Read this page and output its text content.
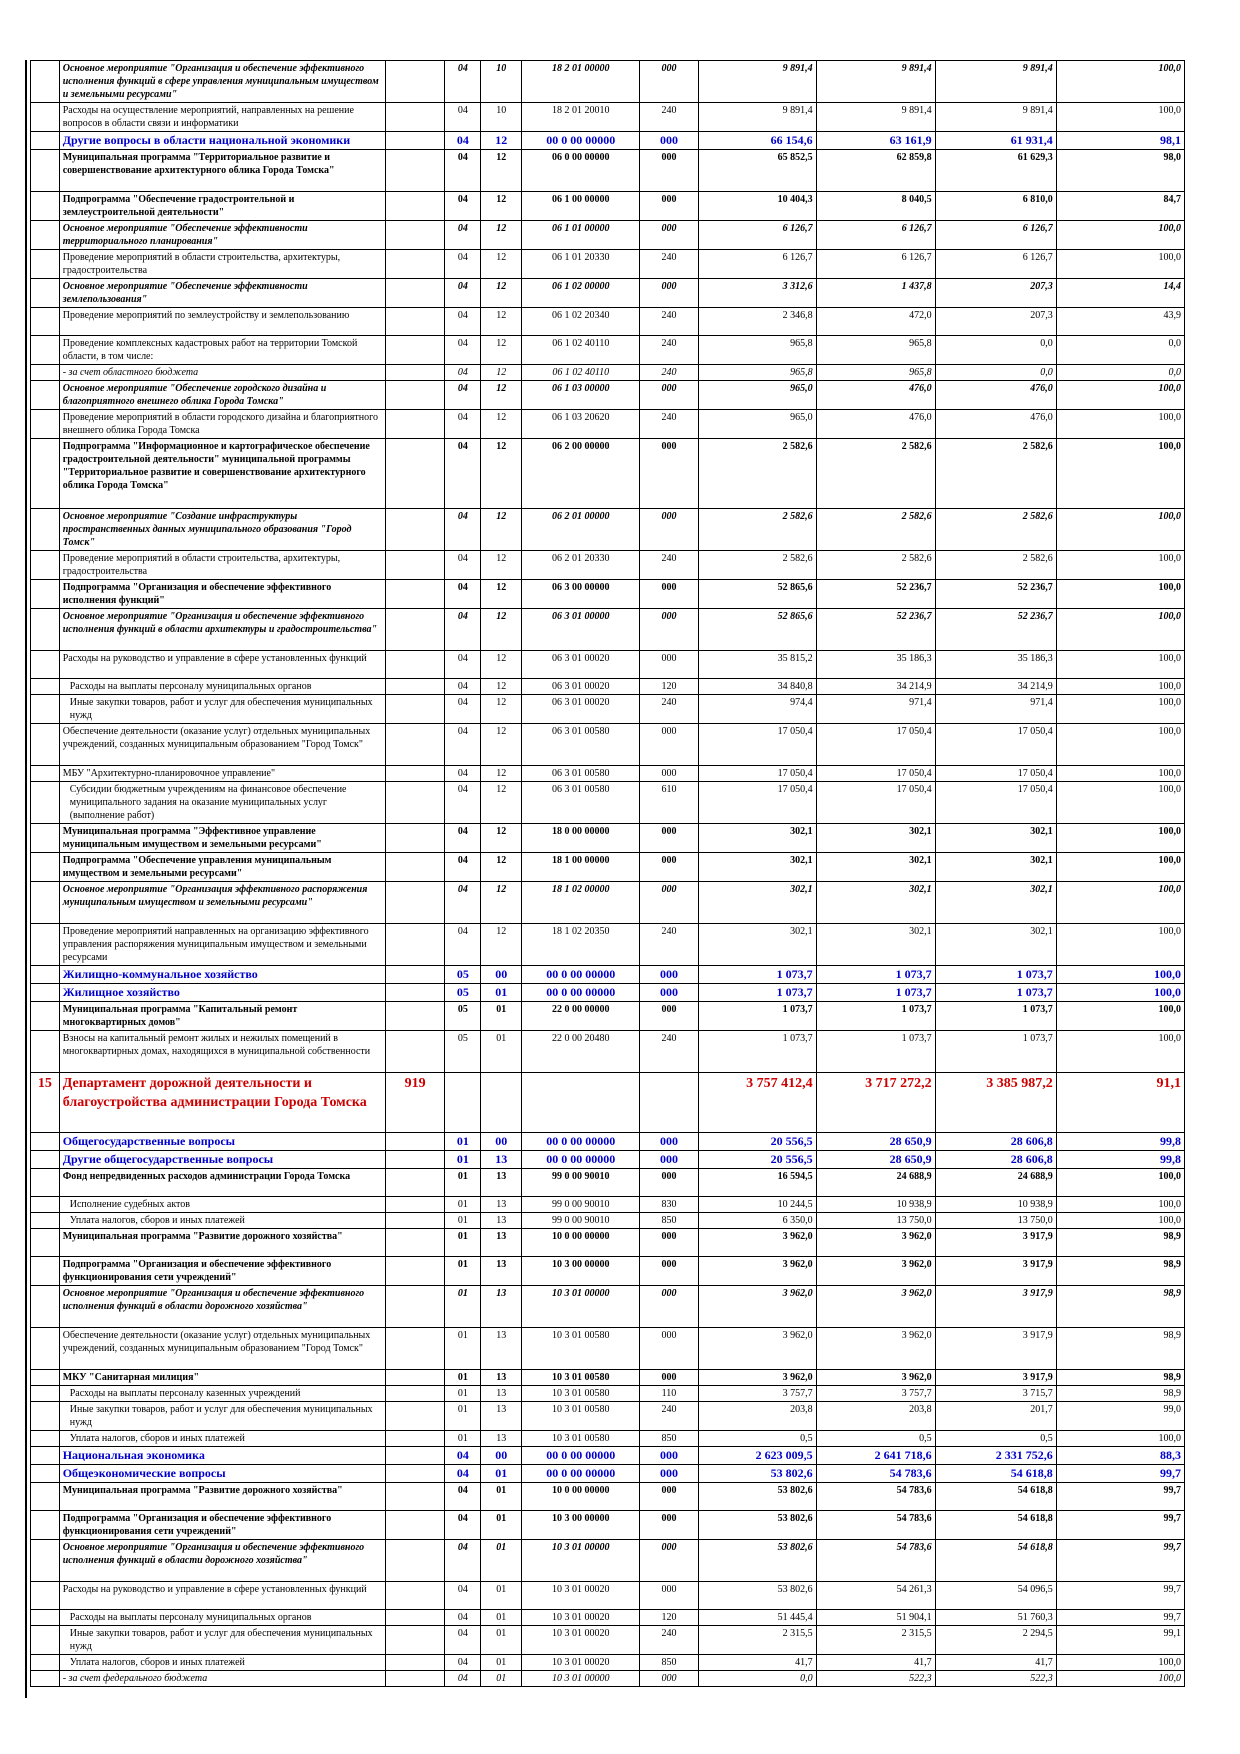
	Основное мероприятие "Организация и обеспечение эффективного исполнения функций в сфере управления муниципальным имуществом и земельными ресурсами"		04	10	18 2 01 00000	000	9 891,4	9 891,4	9 891,4	100,0
	Расходы на осуществление мероприятий, направленных на решение вопросов в области связи и информатики		04	10	18 2 01 20010	240	9 891,4	9 891,4	9 891,4	100,0
	Другие вопросы в области национальной экономики		04	12	00 0 00 00000	000	66 154,6	63 161,9	61 931,4	98,1
	Муниципальная программа "Территориальное развитие и совершенствование архитектурного облика Города Томска"		04	12	06 0 00 00000	000	65 852,5	62 859,8	61 629,3	98,0
	Подпрограмма "Обеспечение градостроительной и землеустроительной деятельности"		04	12	06 1 00 00000	000	10 404,3	8 040,5	6 810,0	84,7
	Основное мероприятие "Обеспечение эффективности территориального планирования"		04	12	06 1 01 00000	000	6 126,7	6 126,7	6 126,7	100,0
	Проведение мероприятий в области строительства, архитектуры, градостроительства		04	12	06 1 01 20330	240	6 126,7	6 126,7	6 126,7	100,0
	Основное мероприятие "Обеспечение эффективности землепользования"		04	12	06 1 02 00000	000	3 312,6	1 437,8	207,3	14,4
	Проведение мероприятий по землеустройству и землепользованию		04	12	06 1 02 20340	240	2 346,8	472,0	207,3	43,9
	Проведение комплексных кадастровых работ на территории Томской области, в том числе:		04	12	06 1 02 40110	240	965,8	965,8	0,0	0,0
	- за счет областного бюджета		04	12	06 1 02 40110	240	965,8	965,8	0,0	0,0
	Основное мероприятие "Обеспечение городского дизайна и благоприятного внешнего облика Города Томска"		04	12	06 1 03 00000	000	965,0	476,0	476,0	100,0
	Проведение мероприятий в области городского дизайна и благоприятного внешнего облика Города Томска		04	12	06 1 03 20620	240	965,0	476,0	476,0	100,0
	Подпрограмма "Информационное и картографическое обеспечение градостроительной деятельности" муниципальной программы "Территориальное развитие и совершенствование архитектурного облика Города Томска"		04	12	06 2 00 00000	000	2 582,6	2 582,6	2 582,6	100,0
	Основное мероприятие "Создание инфраструктуры пространственных данных муниципального образования "Город Томск"		04	12	06 2 01 00000	000	2 582,6	2 582,6	2 582,6	100,0
	Проведение мероприятий в области строительства, архитектуры, градостроительства		04	12	06 2 01 20330	240	2 582,6	2 582,6	2 582,6	100,0
	Подпрограмма "Организация и обеспечение эффективного исполнения функций"		04	12	06 3 00 00000	000	52 865,6	52 236,7	52 236,7	100,0
	Основное мероприятие "Организация и обеспечение эффективного исполнения функций в области архитектуры и градостроительства"		04	12	06 3 01 00000	000	52 865,6	52 236,7	52 236,7	100,0
	Расходы на руководство и управление в сфере установленных функций		04	12	06 3 01 00020	000	35 815,2	35 186,3	35 186,3	100,0
	Расходы на выплаты персоналу муниципальных органов		04	12	06 3 01 00020	120	34 840,8	34 214,9	34 214,9	100,0
	Иные закупки товаров, работ и услуг для обеспечения муниципальных нужд		04	12	06 3 01 00020	240	974,4	971,4	971,4	100,0
	Обеспечение деятельности (оказание услуг) отдельных муниципальных учреждений, созданных муниципальным образованием "Город Томск"		04	12	06 3 01 00580	000	17 050,4	17 050,4	17 050,4	100,0
	МБУ "Архитектурно-планировочное управление"		04	12	06 3 01 00580	000	17 050,4	17 050,4	17 050,4	100,0
	Субсидии бюджетным учреждениям на финансовое обеспечение муниципального задания на оказание муниципальных услуг (выполнение работ)		04	12	06 3 01 00580	610	17 050,4	17 050,4	17 050,4	100,0
	Муниципальная программа "Эффективное управление муниципальным имуществом и земельными ресурсами"		04	12	18 0 00 00000	000	302,1	302,1	302,1	100,0
	Подпрограмма "Обеспечение управления муниципальным имуществом и земельными ресурсами"		04	12	18 1 00 00000	000	302,1	302,1	302,1	100,0
	Основное мероприятие "Организация эффективного распоряжения муниципальным имуществом и земельными ресурсами"		04	12	18 1 02 00000	000	302,1	302,1	302,1	100,0
	Проведение мероприятий направленных на организацию эффективного управления распоряжения муниципальным имуществом и земельными ресурсами		04	12	18 1 02 20350	240	302,1	302,1	302,1	100,0
	Жилищно-коммунальное хозяйство		05	00	00 0 00 00000	000	1 073,7	1 073,7	1 073,7	100,0
	Жилищное хозяйство		05	01	00 0 00 00000	000	1 073,7	1 073,7	1 073,7	100,0
	Муниципальная программа "Капитальный ремонт многоквартирных домов"		05	01	22 0 00 00000	000	1 073,7	1 073,7	1 073,7	100,0
	Взносы на капитальный ремонт жилых и нежилых помещений в многоквартирных домах, находящихся в муниципальной собственности		05	01	22 0 00 20480	240	1 073,7	1 073,7	1 073,7	100,0
15	Департамент дорожной деятельности и благоустройства администрации Города Томска	919					3 757 412,4	3 717 272,2	3 385 987,2	91,1
	Общегосударственные вопросы		01	00	00 0 00 00000	000	20 556,5	28 650,9	28 606,8	99,8
	Другие общегосударственные вопросы		01	13	00 0 00 00000	000	20 556,5	28 650,9	28 606,8	99,8
	Фонд непредвиденных расходов администрации Города Томска		01	13	99 0 00 90010	000	16 594,5	24 688,9	24 688,9	100,0
	Исполнение судебных актов		01	13	99 0 00 90010	830	10 244,5	10 938,9	10 938,9	100,0
	Уплата налогов, сборов и иных платежей		01	13	99 0 00 90010	850	6 350,0	13 750,0	13 750,0	100,0
	Муниципальная программа "Развитие дорожного хозяйства"		01	13	10 0 00 00000	000	3 962,0	3 962,0	3 917,9	98,9
	Подпрограмма "Организация и обеспечение эффективного функционирования сети учреждений"		01	13	10 3 00 00000	000	3 962,0	3 962,0	3 917,9	98,9
	Основное мероприятие "Организация и обеспечение эффективного исполнения функций в области дорожного хозяйства"		01	13	10 3 01 00000	000	3 962,0	3 962,0	3 917,9	98,9
	Обеспечение деятельности (оказание услуг) отдельных муниципальных учреждений, созданных муниципальным образованием "Город Томск"		01	13	10 3 01 00580	000	3 962,0	3 962,0	3 917,9	98,9
	МКУ "Санитарная милиция"		01	13	10 3 01 00580	000	3 962,0	3 962,0	3 917,9	98,9
	Расходы на выплаты персоналу казенных учреждений		01	13	10 3 01 00580	110	3 757,7	3 757,7	3 715,7	98,9
	Иные закупки товаров, работ и услуг для обеспечения муниципальных нужд		01	13	10 3 01 00580	240	203,8	203,8	201,7	99,0
	Уплата налогов, сборов и иных платежей		01	13	10 3 01 00580	850	0,5	0,5	0,5	100,0
	Национальная экономика		04	00	00 0 00 00000	000	2 623 009,5	2 641 718,6	2 331 752,6	88,3
	Общеэкономические вопросы		04	01	00 0 00 00000	000	53 802,6	54 783,6	54 618,8	99,7
	Муниципальная программа "Развитие дорожного хозяйства"		04	01	10 0 00 00000	000	53 802,6	54 783,6	54 618,8	99,7
	Подпрограмма "Организация и обеспечение эффективного функционирования сети учреждений"		04	01	10 3 00 00000	000	53 802,6	54 783,6	54 618,8	99,7
	Основное мероприятие "Организация и обеспечение эффективного исполнения функций в области дорожного хозяйства"		04	01	10 3 01 00000	000	53 802,6	54 783,6	54 618,8	99,7
	Расходы на руководство и управление в сфере установленных функций		04	01	10 3 01 00020	000	53 802,6	54 261,3	54 096,5	99,7
	Расходы на выплаты персоналу муниципальных органов		04	01	10 3 01 00020	120	51 445,4	51 904,1	51 760,3	99,7
	Иные закупки товаров, работ и услуг для обеспечения муниципальных нужд		04	01	10 3 01 00020	240	2 315,5	2 315,5	2 294,5	99,1
	Уплата налогов, сборов и иных платежей		04	01	10 3 01 00020	850	41,7	41,7	41,7	100,0
	- за счет федерального бюджета		04	01	10 3 01 00000	000	0,0	522,3	522,3	100,0
